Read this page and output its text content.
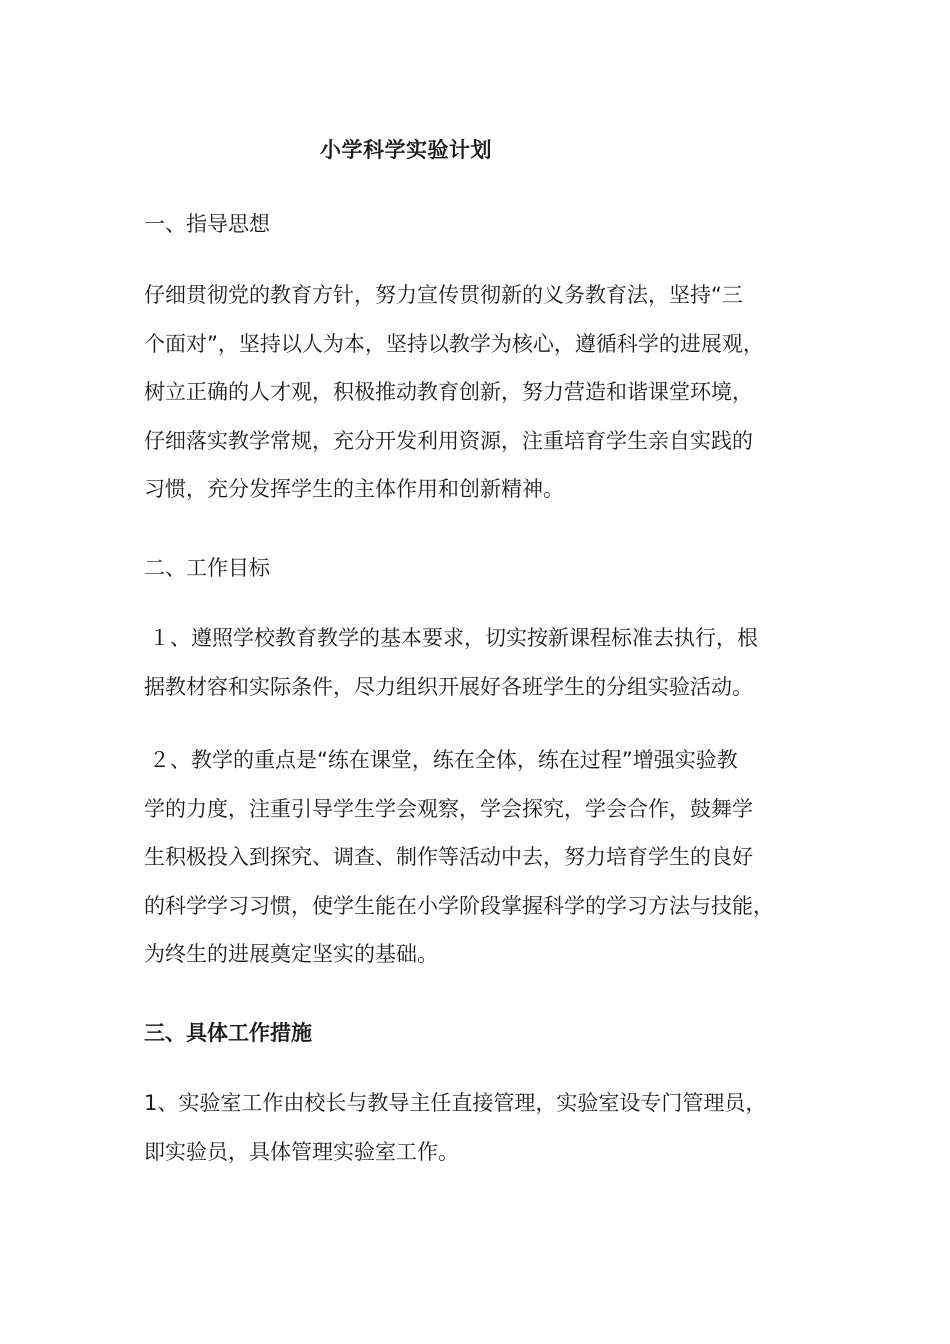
小学科学实验计划
一、指导思想
仔细贯彻党的教育方针，努力宣传贯彻新的义务教育法，坚持“三
个面对”，坚持以人为本，坚持以教学为核心，遵循科学的进展观，
树立正确的人才观，积极推动教育创新，努力营造和谐课堂环境，
仔细落实教学常规，充分开发利用资源，注重培育学生亲自实践的
习惯，充分发挥学生的主体作用和创新精神。
二、工作目标
１、遵照学校教育教学的基本要求，切实按新课程标准去执行，根
据教材容和实际条件，尽力组织开展好各班学生的分组实验活动。
２、教学的重点是“练在课堂，练在全体，练在过程”增强实验教
学的力度，注重引导学生学会观察，学会探究，学会合作，鼓舞学
生积极投入到探究、调查、制作等活动中去，努力培育学生的良好
的科学学习习惯，使学生能在小学阶段掌握科学的学习方法与技能，
为终生的进展奠定坚实的基础。
三、具体工作措施
1、实验室工作由校长与教导主任直接管理，实验室设专门管理员，
即实验员，具体管理实验室工作。
